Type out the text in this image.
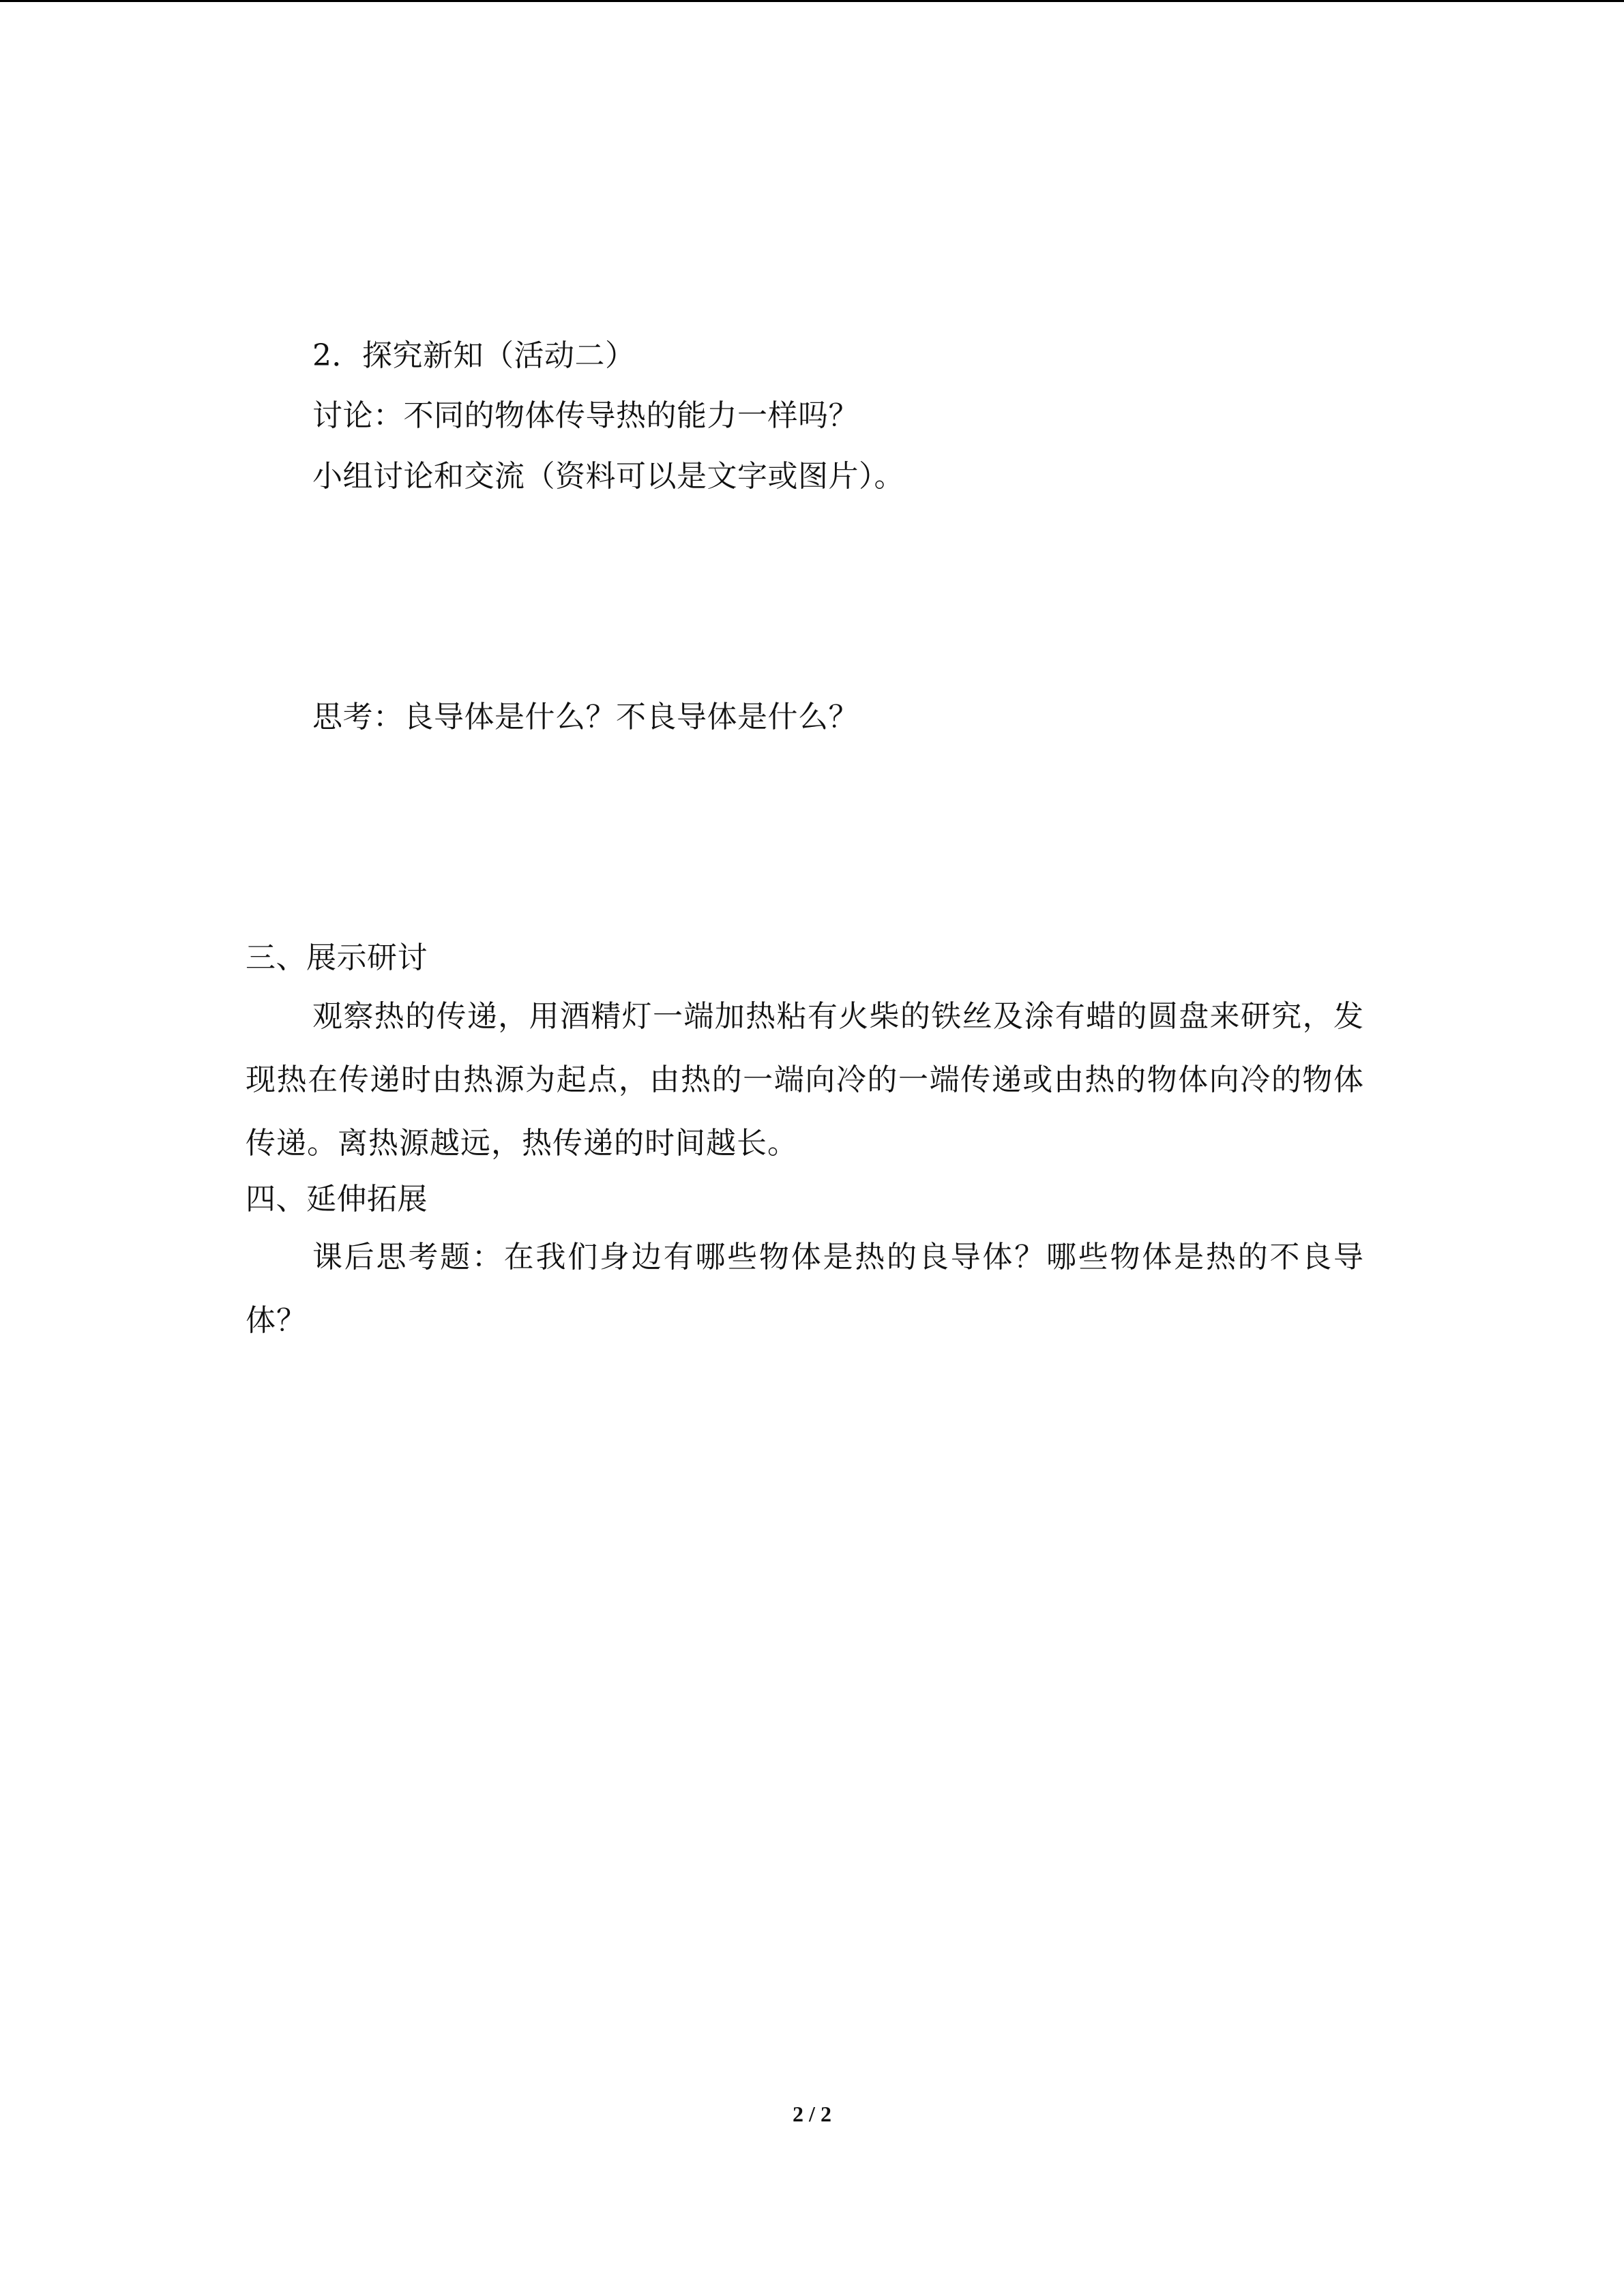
2．探究新知（活动二）
讨论：不同的物体传导热的能力一样吗？
小组讨论和交流（资料可以是文字或图片）。
思考：良导体是什么？不良导体是什么？
三、展示研讨

观察热的传递，用酒精灯一端加热粘有火柴的铁丝及涂有蜡的圆盘来研究，发现热在传递时由热源为起点，由热的一端向冷的一端传递或由热的物体向冷的物体传递。离热源越远，热传递的时间越长。

四、延伸拓展

课后思考题：在我们身边有哪些物体是热的良导体？哪些物体是热的不良导体？

2 / 2
